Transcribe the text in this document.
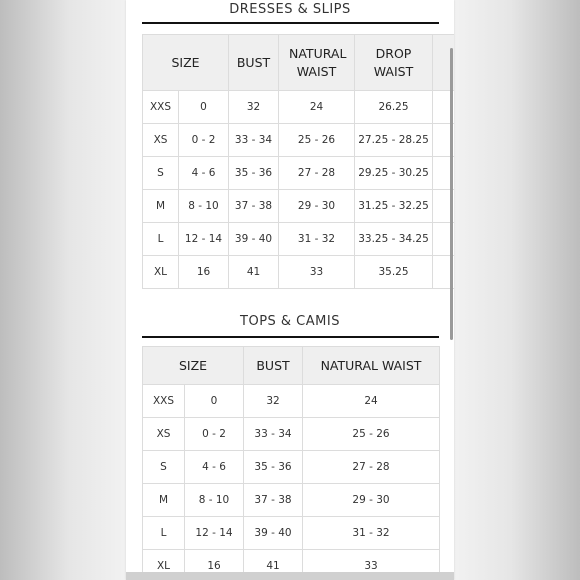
DRESSES & SLIPS
SIZE		BUST	NATURAL WAIST	DROP WAIST	
XXS	0	32	24	26.25	
XS	0 - 2	33 - 34	25 - 26	27.25 - 28.25	
S	4 - 6	35 - 36	27 - 28	29.25 - 30.25	
M	8 - 10	37 - 38	29 - 30	31.25 - 32.25	
L	12 - 14	39 - 40	31 - 32	33.25 - 34.25	
XL	16	41	33	35.25	
TOPS & CAMIS
SIZE		BUST	NATURAL WAIST
XXS	0	32	24
XS	0 - 2	33 - 34	25 - 26
S	4 - 6	35 - 36	27 - 28
M	8 - 10	37 - 38	29 - 30
L	12 - 14	39 - 40	31 - 32
XL	16	41	33
